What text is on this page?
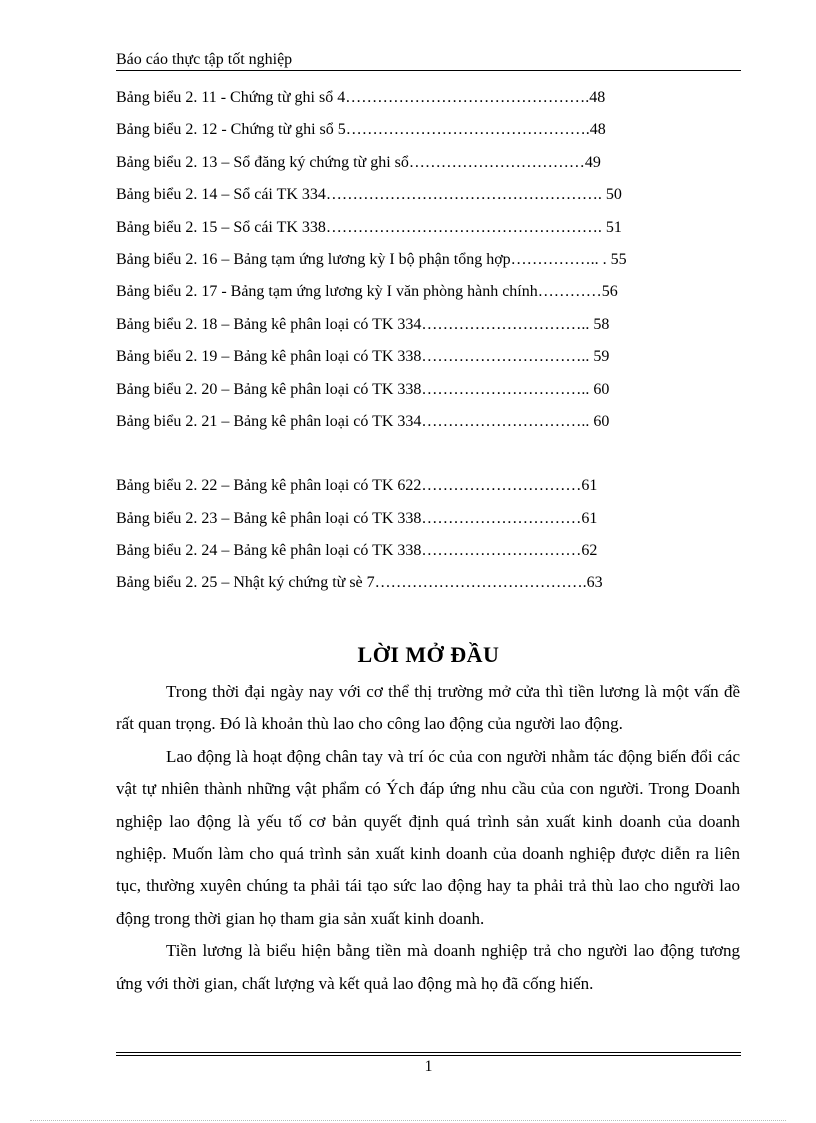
Báo cáo thực tập tốt nghiệp
Bảng biểu 2. 11 - Chứng từ ghi sổ 4……………………………………….48
Bảng biểu 2. 12 - Chứng từ ghi sổ 5……………………………………….48
Bảng biểu 2. 13 – Sổ đăng ký chứng từ ghi sổ……………………………49
Bảng biểu 2. 14 – Sổ cái TK 334……………………………………………. 50
Bảng biểu 2. 15 – Sổ cái TK 338……………………………………………. 51
Bảng biểu 2. 16 – Bảng tạm ứng lương kỳ I bộ phận tổng hợp…………….. . 55
Bảng biểu 2. 17 - Bảng tạm ứng lương kỳ I văn phòng hành chính…………56
Bảng biểu 2. 18 – Bảng kê phân loại có TK 334………………………….. 58
Bảng biểu 2. 19 – Bảng kê phân loại có TK 338………………………….. 59
Bảng biểu 2. 20 – Bảng kê phân loại có TK 338………………………….. 60
Bảng biểu 2. 21 – Bảng kê phân loại có TK 334………………………….. 60
Bảng biểu 2. 22 – Bảng kê phân loại có TK 622…………………………61
Bảng biểu 2. 23 – Bảng kê phân loại có TK 338…………………………61
Bảng biểu 2. 24 – Bảng kê phân loại có TK 338…………………………62
Bảng biểu 2. 25 – Nhật ký chứng từ sè 7………………………………….63
LỜI MỞ ĐẦU

Trong thời đại ngày nay với cơ thể thị trường mở cửa thì tiền lương là một vấn đề rất quan trọng. Đó là khoản thù lao cho công lao động của người lao động.

Lao động là hoạt động chân tay và trí óc của con người nhằm tác động biến đổi các vật tự nhiên thành những vật phẩm có Ých đáp ứng nhu cầu của con người. Trong Doanh nghiệp lao động là yếu tố cơ bản quyết định quá trình sản xuất kinh doanh của doanh nghiệp. Muốn làm cho quá trình sản xuất kinh doanh của doanh nghiệp được diễn ra liên tục, thường xuyên chúng ta phải tái tạo sức lao động hay ta phải trả thù lao cho người lao động trong thời gian họ tham gia sản xuất kinh doanh.

Tiền lương là biểu hiện bằng tiền mà doanh nghiệp trả cho người lao động tương ứng với thời gian, chất lượng và kết quả lao động mà họ đã cống hiến.

1
